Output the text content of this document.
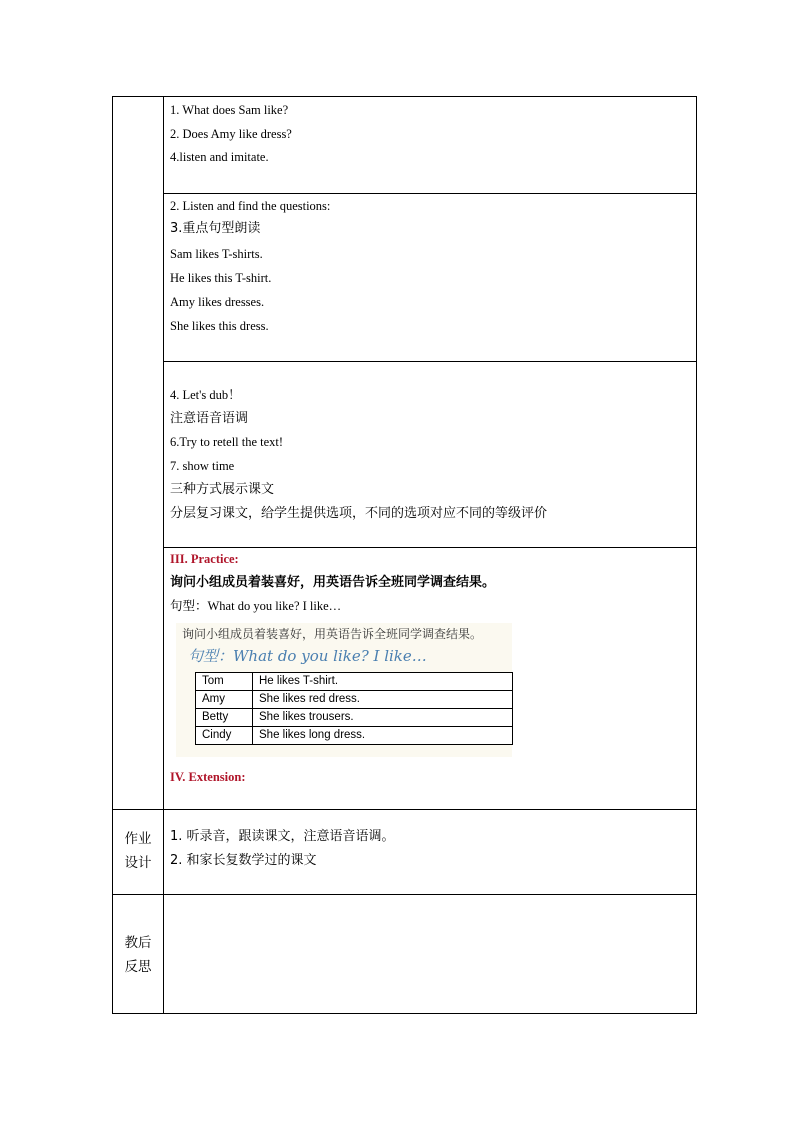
1. What does Sam like?
2. Does Amy like dress?
4.listen and imitate.
2. Listen and find the questions:
3.重点句型朗读
Sam likes T-shirts.
He likes this T-shirt.
Amy likes dresses.
She likes this dress.
4. Let's dub！
注意语音语调
6.Try to retell the text!
7. show time
三种方式展示课文
分层复习课文，给学生提供选项，不同的选项对应不同的等级评价
III. Practice:
询问小组成员着装喜好，用英语告诉全班同学调查结果。
句型：What do you like? I like…
IV. Extension:
询问小组成员着装喜好，用英语告诉全班同学调查结果。
句型：What do you like? I like…
Tom	He likes T-shirt.
Amy	She likes red dress.
Betty	She likes trousers.
Cindy	She likes long dress.
作业
设计
1. 听录音，跟读课文，注意语音语调。
2. 和家长复数学过的课文
教后
反思
